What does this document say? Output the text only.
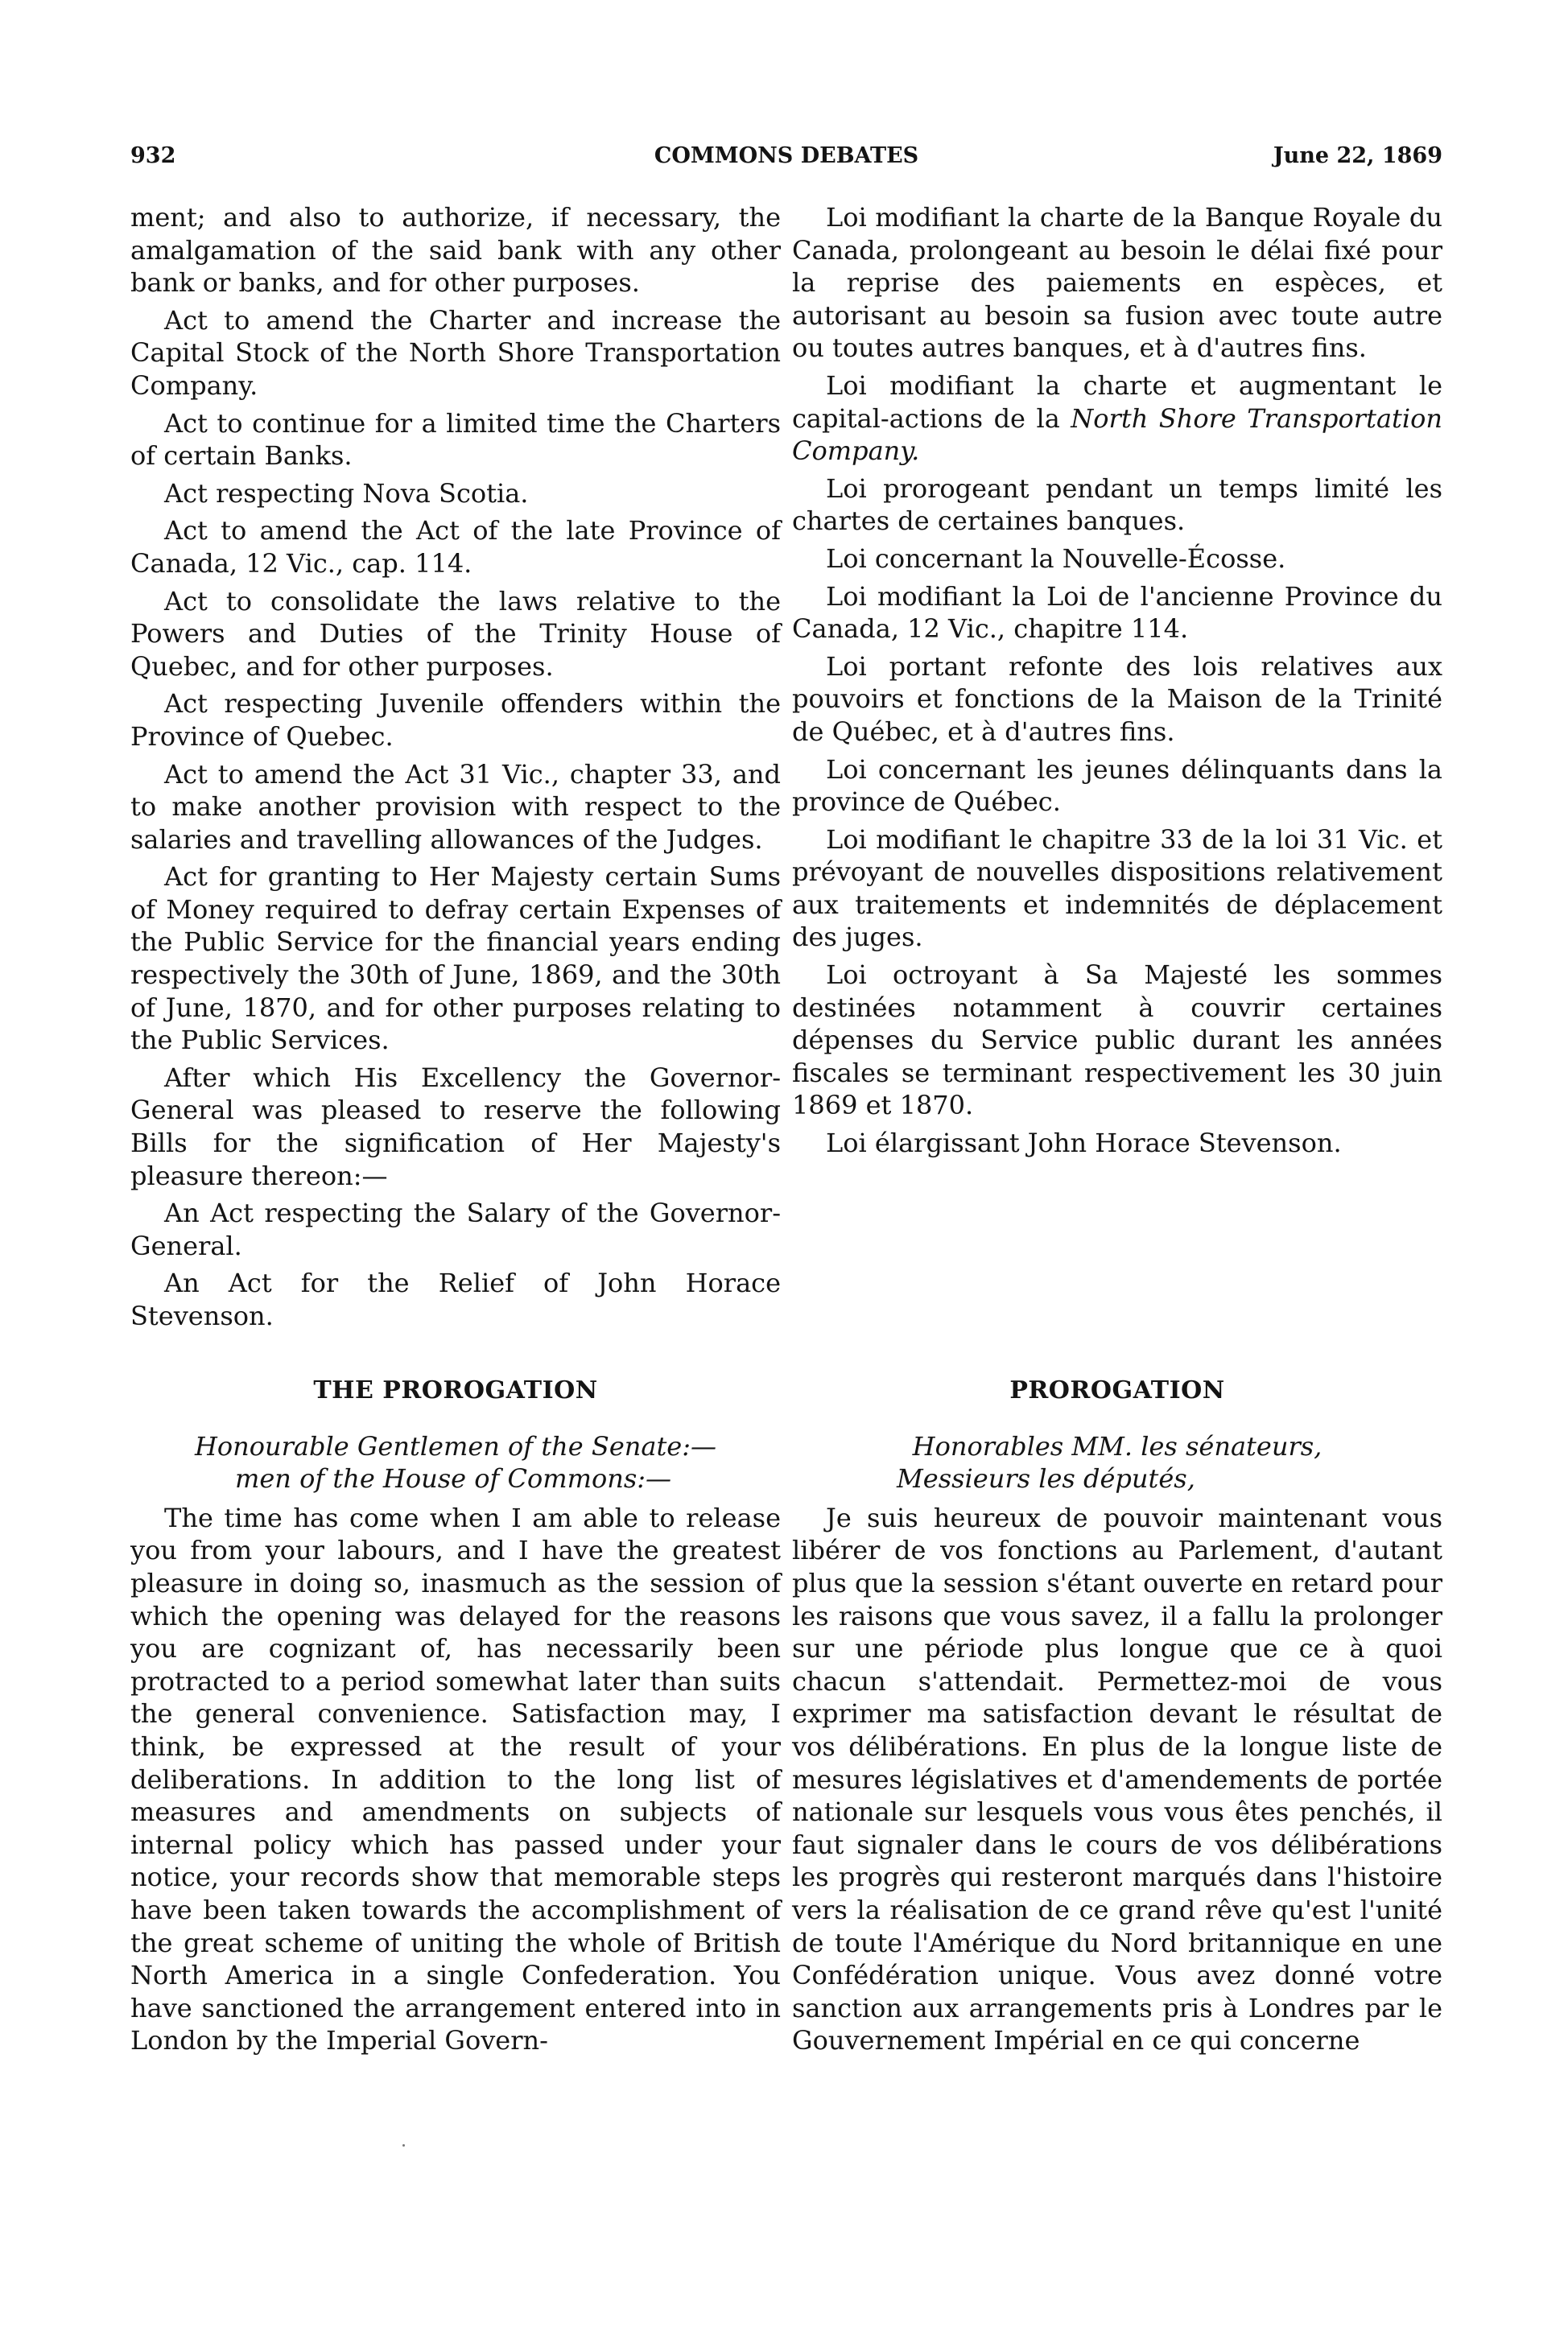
932	COMMONS DEBATES	June 22, 1869

ment; and also to authorize, if necessary, the amalgamation of the said bank with any other bank or banks, and for other purposes.

Act to amend the Charter and increase the Capital Stock of the North Shore Transportation Company.

Act to continue for a limited time the Charters of certain Banks.

Act respecting Nova Scotia.

Act to amend the Act of the late Province of Canada, 12 Vic., cap. 114.

Act to consolidate the laws relative to the Powers and Duties of the Trinity House of Quebec, and for other purposes.

Act respecting Juvenile offenders within the Province of Quebec.

Act to amend the Act 31 Vic., chapter 33, and to make another provision with respect to the salaries and travelling allowances of the Judges.

Act for granting to Her Majesty certain Sums of Money required to defray certain Expenses of the Public Service for the financial years ending respectively the 30th of June, 1869, and the 30th of June, 1870, and for other purposes relating to the Public Services.

After which His Excellency the Governor-General was pleased to reserve the following Bills for the signification of Her Majesty's pleasure thereon:—

An Act respecting the Salary of the Governor-General.

An Act for the Relief of John Horace Stevenson.

Loi modifiant la charte de la Banque Royale du Canada, prolongeant au besoin le délai fixé pour la reprise des paiements en espèces, et autorisant au besoin sa fusion avec toute autre ou toutes autres banques, et à d'autres fins.

Loi modifiant la charte et augmentant le capital-actions de la North Shore Transportation Company.

Loi prorogeant pendant un temps limité les chartes de certaines banques.

Loi concernant la Nouvelle-Écosse.

Loi modifiant la Loi de l'ancienne Province du Canada, 12 Vic., chapitre 114.

Loi portant refonte des lois relatives aux pouvoirs et fonctions de la Maison de la Trinité de Québec, et à d'autres fins.

Loi concernant les jeunes délinquants dans la province de Québec.

Loi modifiant le chapitre 33 de la loi 31 Vic. et prévoyant de nouvelles dispositions relativement aux traitements et indemnités de déplacement des juges.

Loi octroyant à Sa Majesté les sommes destinées notamment à couvrir certaines dépenses du Service public durant les années fiscales se terminant respectivement les 30 juin 1869 et 1870.

Loi élargissant John Horace Stevenson.

THE PROROGATION
Honourable Gentlemen of the Senate:—
men of the House of Commons:—

The time has come when I am able to release you from your labours, and I have the greatest pleasure in doing so, inasmuch as the session of which the opening was delayed for the reasons you are cognizant of, has necessarily been protracted to a period somewhat later than suits the general convenience. Satisfaction may, I think, be expressed at the result of your deliberations. In addition to the long list of measures and amendments on subjects of internal policy which has passed under your notice, your records show that memorable steps have been taken towards the accomplishment of the great scheme of uniting the whole of British North America in a single Confederation. You have sanctioned the arrangement entered into in London by the Imperial Govern-

PROROGATION
Honorables MM. les sénateurs,
Messieurs les députés,

Je suis heureux de pouvoir maintenant vous libérer de vos fonctions au Parlement, d'autant plus que la session s'étant ouverte en retard pour les raisons que vous savez, il a fallu la prolonger sur une période plus longue que ce à quoi chacun s'attendait. Permettez-moi de vous exprimer ma satisfaction devant le résultat de vos délibérations. En plus de la longue liste de mesures législatives et d'amendements de portée nationale sur lesquels vous vous êtes penchés, il faut signaler dans le cours de vos délibérations les progrès qui resteront marqués dans l'histoire vers la réalisation de ce grand rêve qu'est l'unité de toute l'Amérique du Nord britannique en une Confédération unique. Vous avez donné votre sanction aux arrangements pris à Londres par le Gouvernement Impérial en ce qui concerne
